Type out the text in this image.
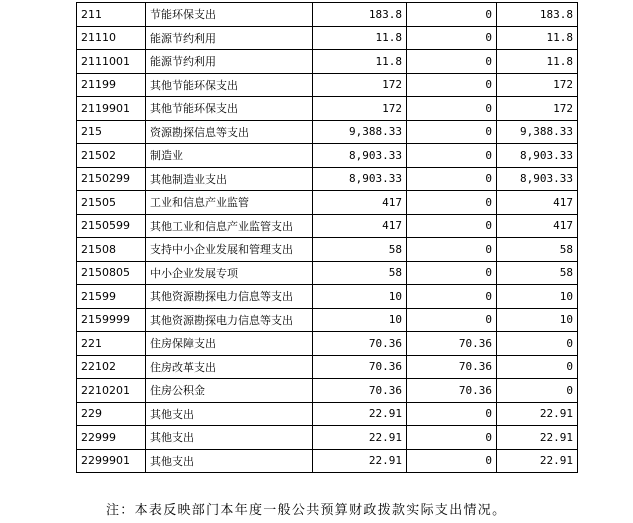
211	节能环保支出	183.8	0	183.8
21110	能源节约利用	11.8	0	11.8
2111001	能源节约利用	11.8	0	11.8
21199	其他节能环保支出	172	0	172
2119901	其他节能环保支出	172	0	172
215	资源勘探信息等支出	9,388.33	0	9,388.33
21502	制造业	8,903.33	0	8,903.33
2150299	其他制造业支出	8,903.33	0	8,903.33
21505	工业和信息产业监管	417	0	417
2150599	其他工业和信息产业监管支出	417	0	417
21508	支持中小企业发展和管理支出	58	0	58
2150805	中小企业发展专项	58	0	58
21599	其他资源勘探电力信息等支出	10	0	10
2159999	其他资源勘探电力信息等支出	10	0	10
221	住房保障支出	70.36	70.36	0
22102	住房改革支出	70.36	70.36	0
2210201	住房公积金	70.36	70.36	0
229	其他支出	22.91	0	22.91
22999	其他支出	22.91	0	22.91
2299901	其他支出	22.91	0	22.91
注：本表反映部门本年度一般公共预算财政拨款实际支出情况。
